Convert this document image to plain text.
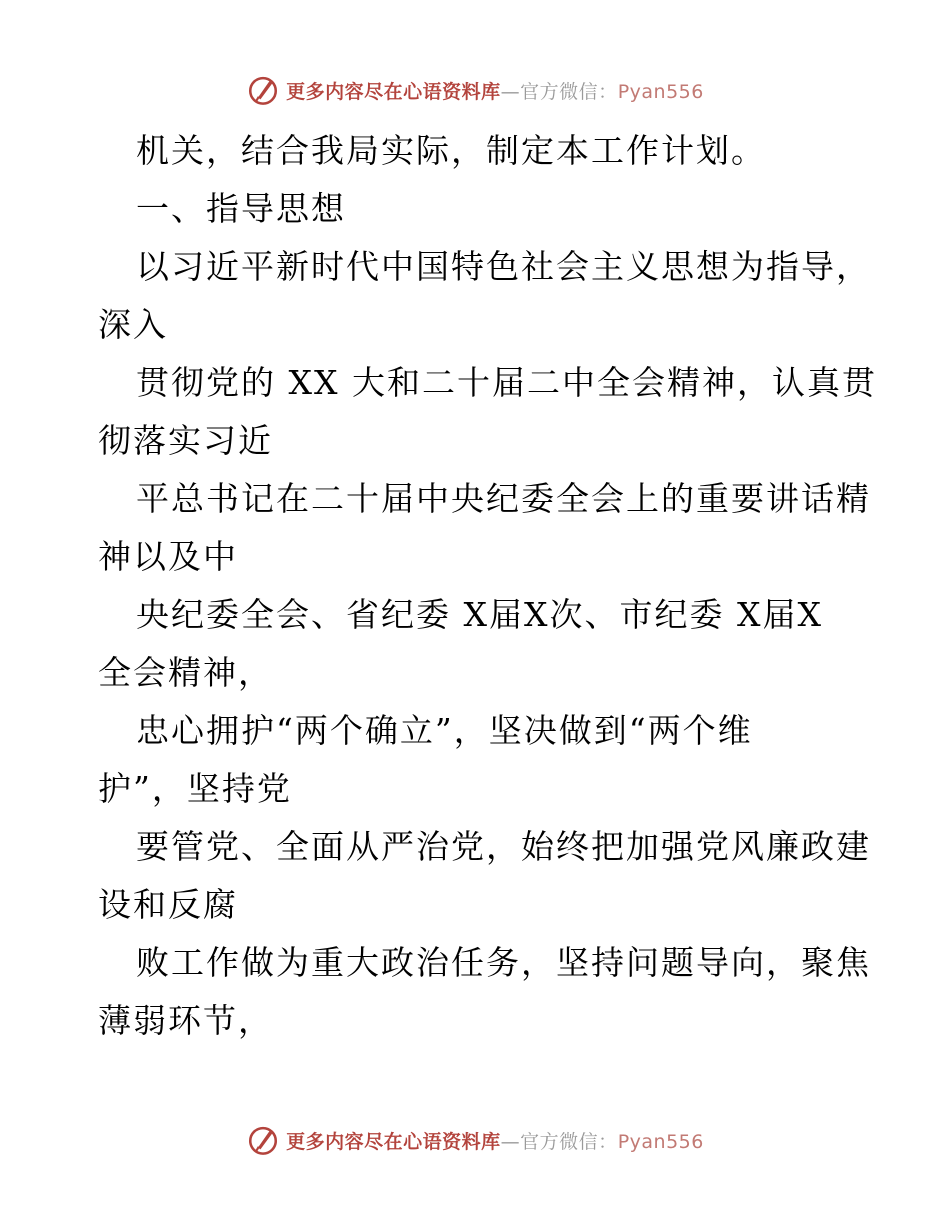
更多内容尽在心语资料库—官方微信：Pyan556
机关，结合我局实际，制定本工作计划。
一、指导思想
以习近平新时代中国特色社会主义思想为指导，
深入
贯彻党的 XX 大和二十届二中全会精神，认真贯
彻落实习近
平总书记在二十届中央纪委全会上的重要讲话精
神以及中
央纪委全会、省纪委 X届X次、市纪委 X届X
全会精神，
忠心拥护“两个确立”，坚决做到“两个维
护”，坚持党
要管党、全面从严治党，始终把加强党风廉政建
设和反腐
败工作做为重大政治任务，坚持问题导向，聚焦
薄弱环节，
更多内容尽在心语资料库—官方微信：Pyan556
